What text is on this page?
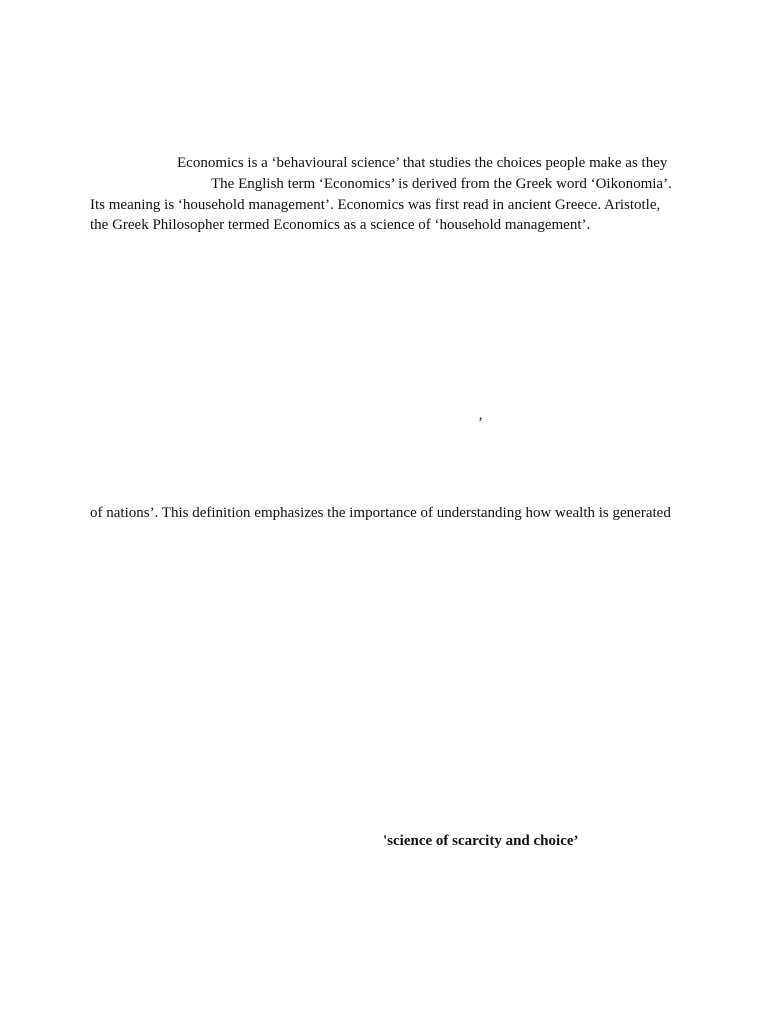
Economics is a ‘behavioural science’ that studies the choices people make as they
The English term ‘Economics’ is derived from the Greek word ‘Oikonomia’.
Its meaning is ‘household management’. Economics was first read in ancient Greece. Aristotle,
the Greek Philosopher termed Economics as a science of ‘household management’.
’
of nations’. This definition emphasizes the importance of understanding how wealth is generated
'science of scarcity and choice’
